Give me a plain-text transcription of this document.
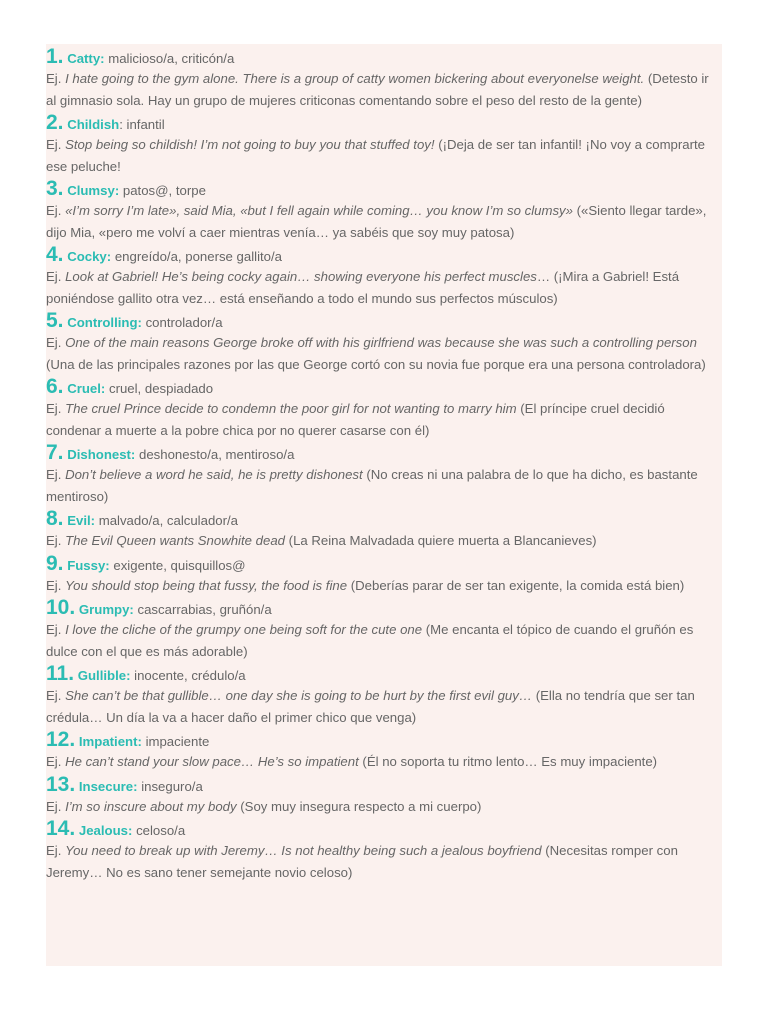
1. Catty: malicioso/a, criticón/a

Ej. I hate going to the gym alone. There is a group of catty women bickering about everyonelse weight. (Detesto ir al gimnasio sola. Hay un grupo de mujeres criticonas comentando sobre el peso del resto de la gente)

2. Childish: infantil

Ej. Stop being so childish! I’m not going to buy you that stuffed toy! (¡Deja de ser tan infantil! ¡No voy a comprarte ese peluche!

3. Clumsy: patos@, torpe

Ej. «I’m sorry I’m late», said Mia, «but I fell again while coming… you know I’m so clumsy» («Siento llegar tarde», dijo Mia, «pero me volví a caer mientras venía… ya sabéis que soy muy patosa)

4. Cocky: engreído/a, ponerse gallito/a

Ej. Look at Gabriel! He’s being cocky again… showing everyone his perfect muscles… (¡Mira a Gabriel! Está poniéndose gallito otra vez… está enseñando a todo el mundo sus perfectos músculos)

5. Controlling: controlador/a

Ej. One of the main reasons George broke off with his girlfriend was because she was such a controlling person (Una de las principales razones por las que George cortó con su novia fue porque era una persona controladora)

6. Cruel: cruel, despiadado

Ej. The cruel Prince decide to condemn the poor girl for not wanting to marry him (El príncipe cruel decidió condenar a muerte a la pobre chica por no querer casarse con él)

7. Dishonest: deshonesto/a, mentiroso/a

Ej. Don’t believe a word he said, he is pretty dishonest (No creas ni una palabra de lo que ha dicho, es bastante mentiroso)

8. Evil: malvado/a, calculador/a

Ej. The Evil Queen wants Snowhite dead (La Reina Malvadada quiere muerta a Blancanieves)

9. Fussy: exigente, quisquillos@

Ej. You should stop being that fussy, the food is fine (Deberías parar de ser tan exigente, la comida está bien)

10. Grumpy: cascarrabias, gruñón/a

Ej. I love the cliche of the grumpy one being soft for the cute one (Me encanta el tópico de cuando el gruñón es dulce con el que es más adorable)

11. Gullible: inocente, crédulo/a

Ej. She can’t be that gullible… one day she is going to be hurt by the first evil guy… (Ella no tendría que ser tan crédula… Un día la va a hacer daño el primer chico que venga)

12. Impatient: impaciente

Ej. He can’t stand your slow pace… He’s so impatient (Él no soporta tu ritmo lento… Es muy impaciente)

13. Insecure: inseguro/a

Ej. I’m so inscure about my body (Soy muy insegura respecto a mi cuerpo)

14. Jealous: celoso/a

Ej. You need to break up with Jeremy… Is not healthy being such a jealous boyfriend (Necesitas romper con Jeremy… No es sano tener semejante novio celoso)
